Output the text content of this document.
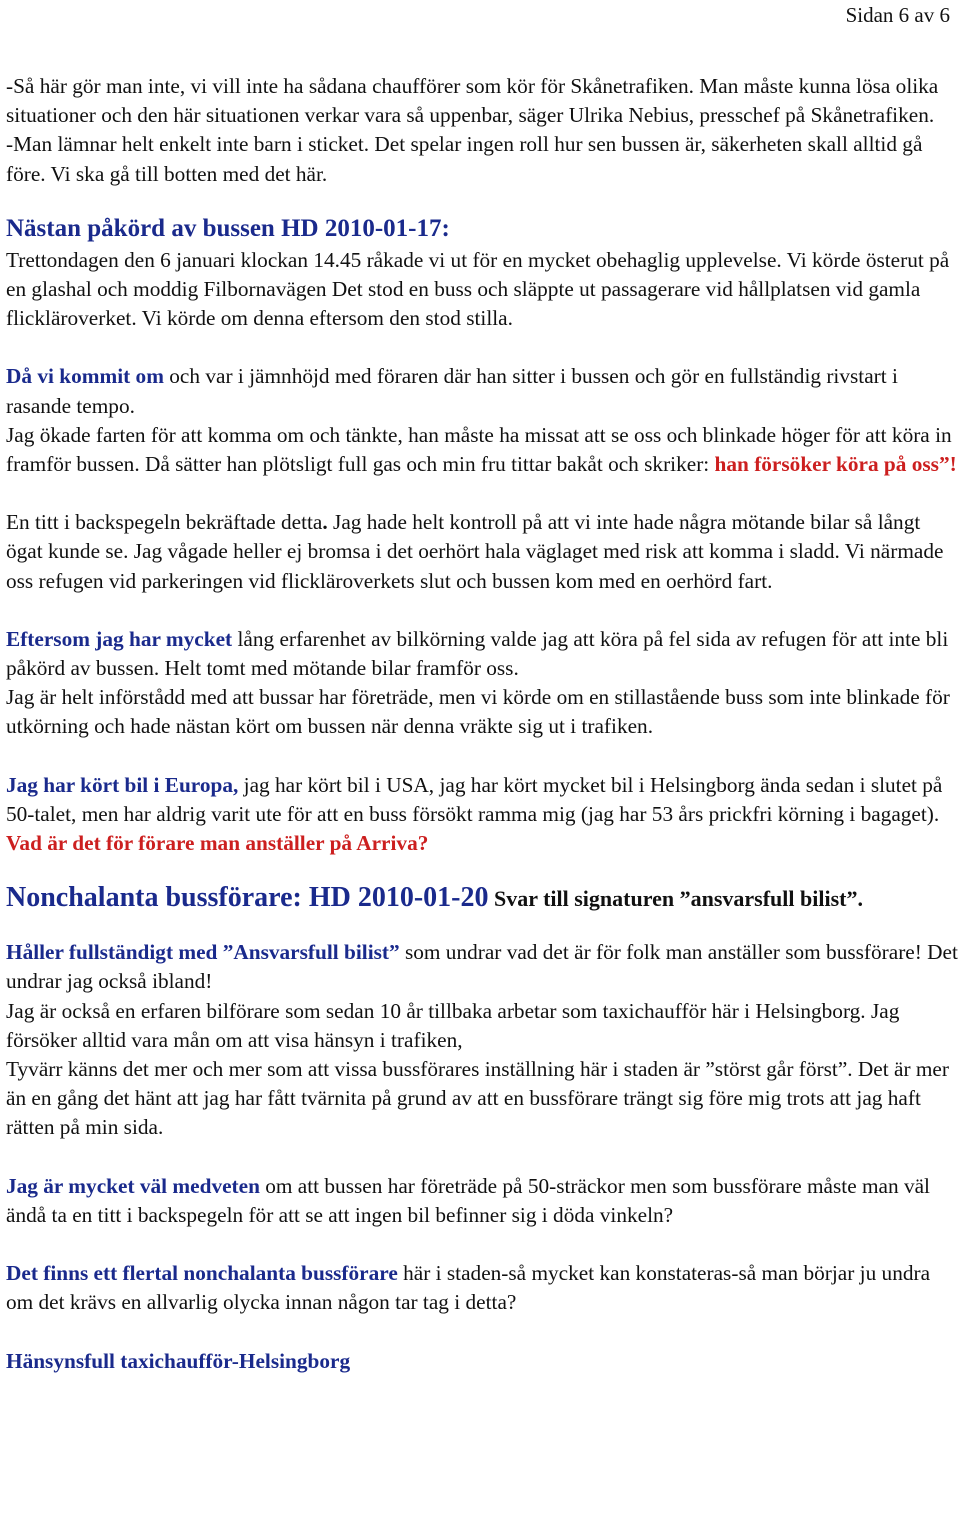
Sidan 6 av 6

-Så här gör man inte, vi vill inte ha sådana chaufförer som kör för Skånetrafiken. Man måste kunna lösa olika situationer och den här situationen verkar vara så uppenbar, säger Ulrika Nebius, presschef på Skånetrafiken.

-Man lämnar helt enkelt inte barn i sticket. Det spelar ingen roll hur sen bussen är, säkerheten skall alltid gå före. Vi ska gå till botten med det här.

Nästan påkörd av bussen HD 2010-01-17:

Trettondagen den 6 januari klockan 14.45 råkade vi ut för en mycket obehaglig upplevelse. Vi körde österut på en glashal och moddig Filbornavägen Det stod en buss och släppte ut passagerare vid hållplatsen vid gamla flickläroverket. Vi körde om denna eftersom den stod stilla.

Då vi kommit om och var i jämnhöjd med föraren där han sitter i bussen och gör en fullständig rivstart i rasande tempo.

Jag ökade farten för att komma om och tänkte, han måste ha missat att se oss och blinkade höger för att köra in framför bussen. Då sätter han plötsligt full gas och min fru tittar bakåt och skriker: han försöker köra på oss”!

En titt i backspegeln bekräftade detta. Jag hade helt kontroll på att vi inte hade några mötande bilar så långt ögat kunde se. Jag vågade heller ej bromsa i det oerhört hala väglaget med risk att komma i sladd. Vi närmade oss refugen vid parkeringen vid flickläroverkets slut och bussen kom med en oerhörd fart.

Eftersom jag har mycket lång erfarenhet av bilkörning valde jag att köra på fel sida av refugen för att inte bli påkörd av bussen. Helt tomt med mötande bilar framför oss.

Jag är helt införstådd med att bussar har företräde, men vi körde om en stillastående buss som inte blinkade för utkörning och hade nästan kört om bussen när denna vräkte sig ut i trafiken.

Jag har kört bil i Europa, jag har kört bil i USA, jag har kört mycket bil i Helsingborg ända sedan i slutet på 50-talet, men har aldrig varit ute för att en buss försökt ramma mig (jag har 53 års prickfri körning i bagaget). Vad är det för förare man anställer på Arriva?

Nonchalanta bussförare: HD 2010-01-20 Svar till signaturen ”ansvarsfull bilist”.

Håller fullständigt med ”Ansvarsfull bilist” som undrar vad det är för folk man anställer som bussförare! Det undrar jag också ibland!

Jag är också en erfaren bilförare som sedan 10 år tillbaka arbetar som taxichaufför här i Helsingborg. Jag försöker alltid vara mån om att visa hänsyn i trafiken,

Tyvärr känns det mer och mer som att vissa bussförares inställning här i staden är ”störst går först”. Det är mer än en gång det hänt att jag har fått tvärnita på grund av att en bussförare trängt sig före mig trots att jag haft rätten på min sida.

Jag är mycket väl medveten om att bussen har företräde på 50-sträckor men som bussförare måste man väl ändå ta en titt i backspegeln för att se att ingen bil befinner sig i döda vinkeln?

Det finns ett flertal nonchalanta bussförare här i staden-så mycket kan konstateras-så man börjar ju undra om det krävs en allvarlig olycka innan någon tar tag i detta?

Hänsynsfull taxichaufför-Helsingborg
